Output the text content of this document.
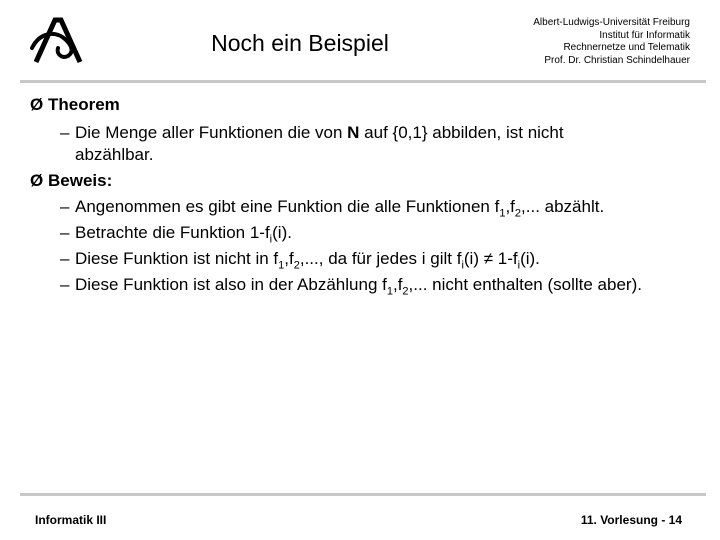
Noch ein Beispiel
Albert-Ludwigs-Universität Freiburg
Institut für Informatik
Rechnernetze und Telematik
Prof. Dr. Christian Schindelhauer
Ø Theorem
– Die Menge aller Funktionen die von N auf {0,1} abbilden, ist nicht abzählbar.
Ø Beweis:
– Angenommen es gibt eine Funktion die alle Funktionen $f_1,f_2$,... abzählt.
– Betrachte die Funktion $1-f_i(i)$.
– Diese Funktion ist nicht in $f_1,f_2$,..., da für jedes i gilt $f_i(i) \ne 1-f_i(i)$.
– Diese Funktion ist also in der Abzählung $f_1,f_2$,... nicht enthalten (sollte aber).
Informatik III	11. Vorlesung - 14
